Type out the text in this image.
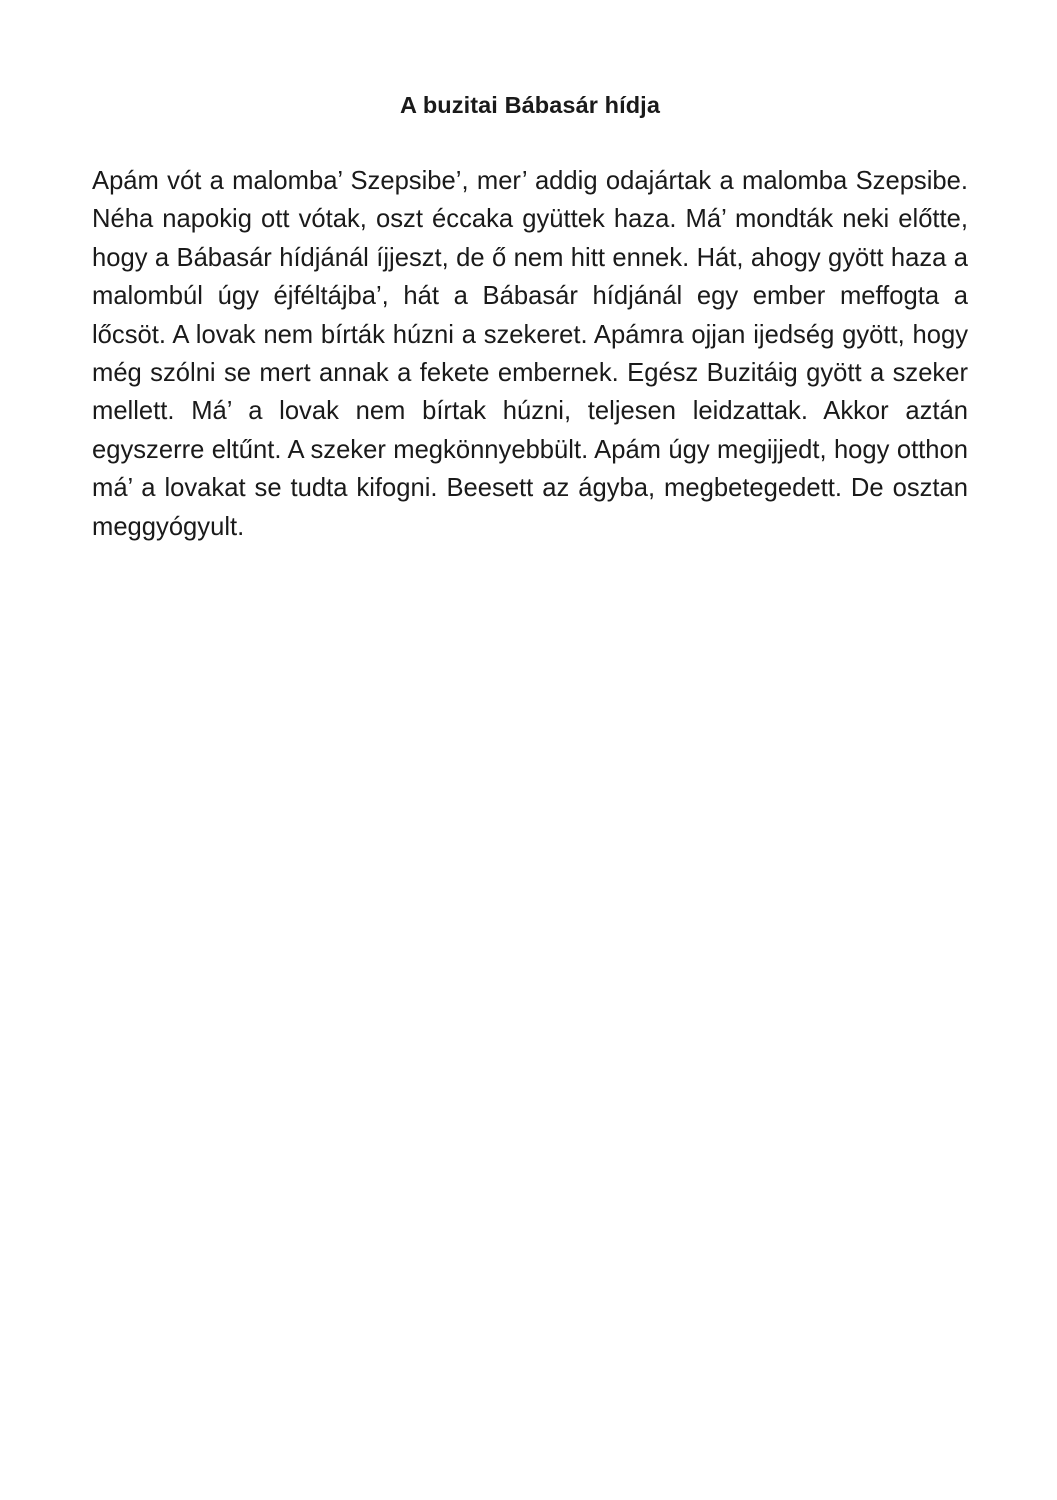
A buzitai Bábasár hídja

Apám vót a malomba’ Szepsibe’, mer’ addig odajártak a malomba Szepsibe. Néha napokig ott vótak, oszt éccaka gyüttek haza. Má’ mondták neki előtte, hogy a Bábasár hídjánál íjjeszt, de ő nem hitt ennek. Hát, ahogy gyött haza a malombúl úgy éjféltájba’, hát a Bábasár hídjánál egy ember meffogta a lőcsöt. A lovak nem bírták húzni a szekeret. Apámra ojjan ijedség gyött, hogy még szólni se mert annak a fekete embernek. Egész Buzitáig gyött a szeker mellett. Má’ a lovak nem bírtak húzni, teljesen leidzattak. Akkor aztán egyszerre eltűnt. A szeker megkönnyebbült. Apám úgy megijjedt, hogy otthon má’ a lovakat se tudta kifogni. Beesett az ágyba, megbetegedett. De osztan meggyógyult.
